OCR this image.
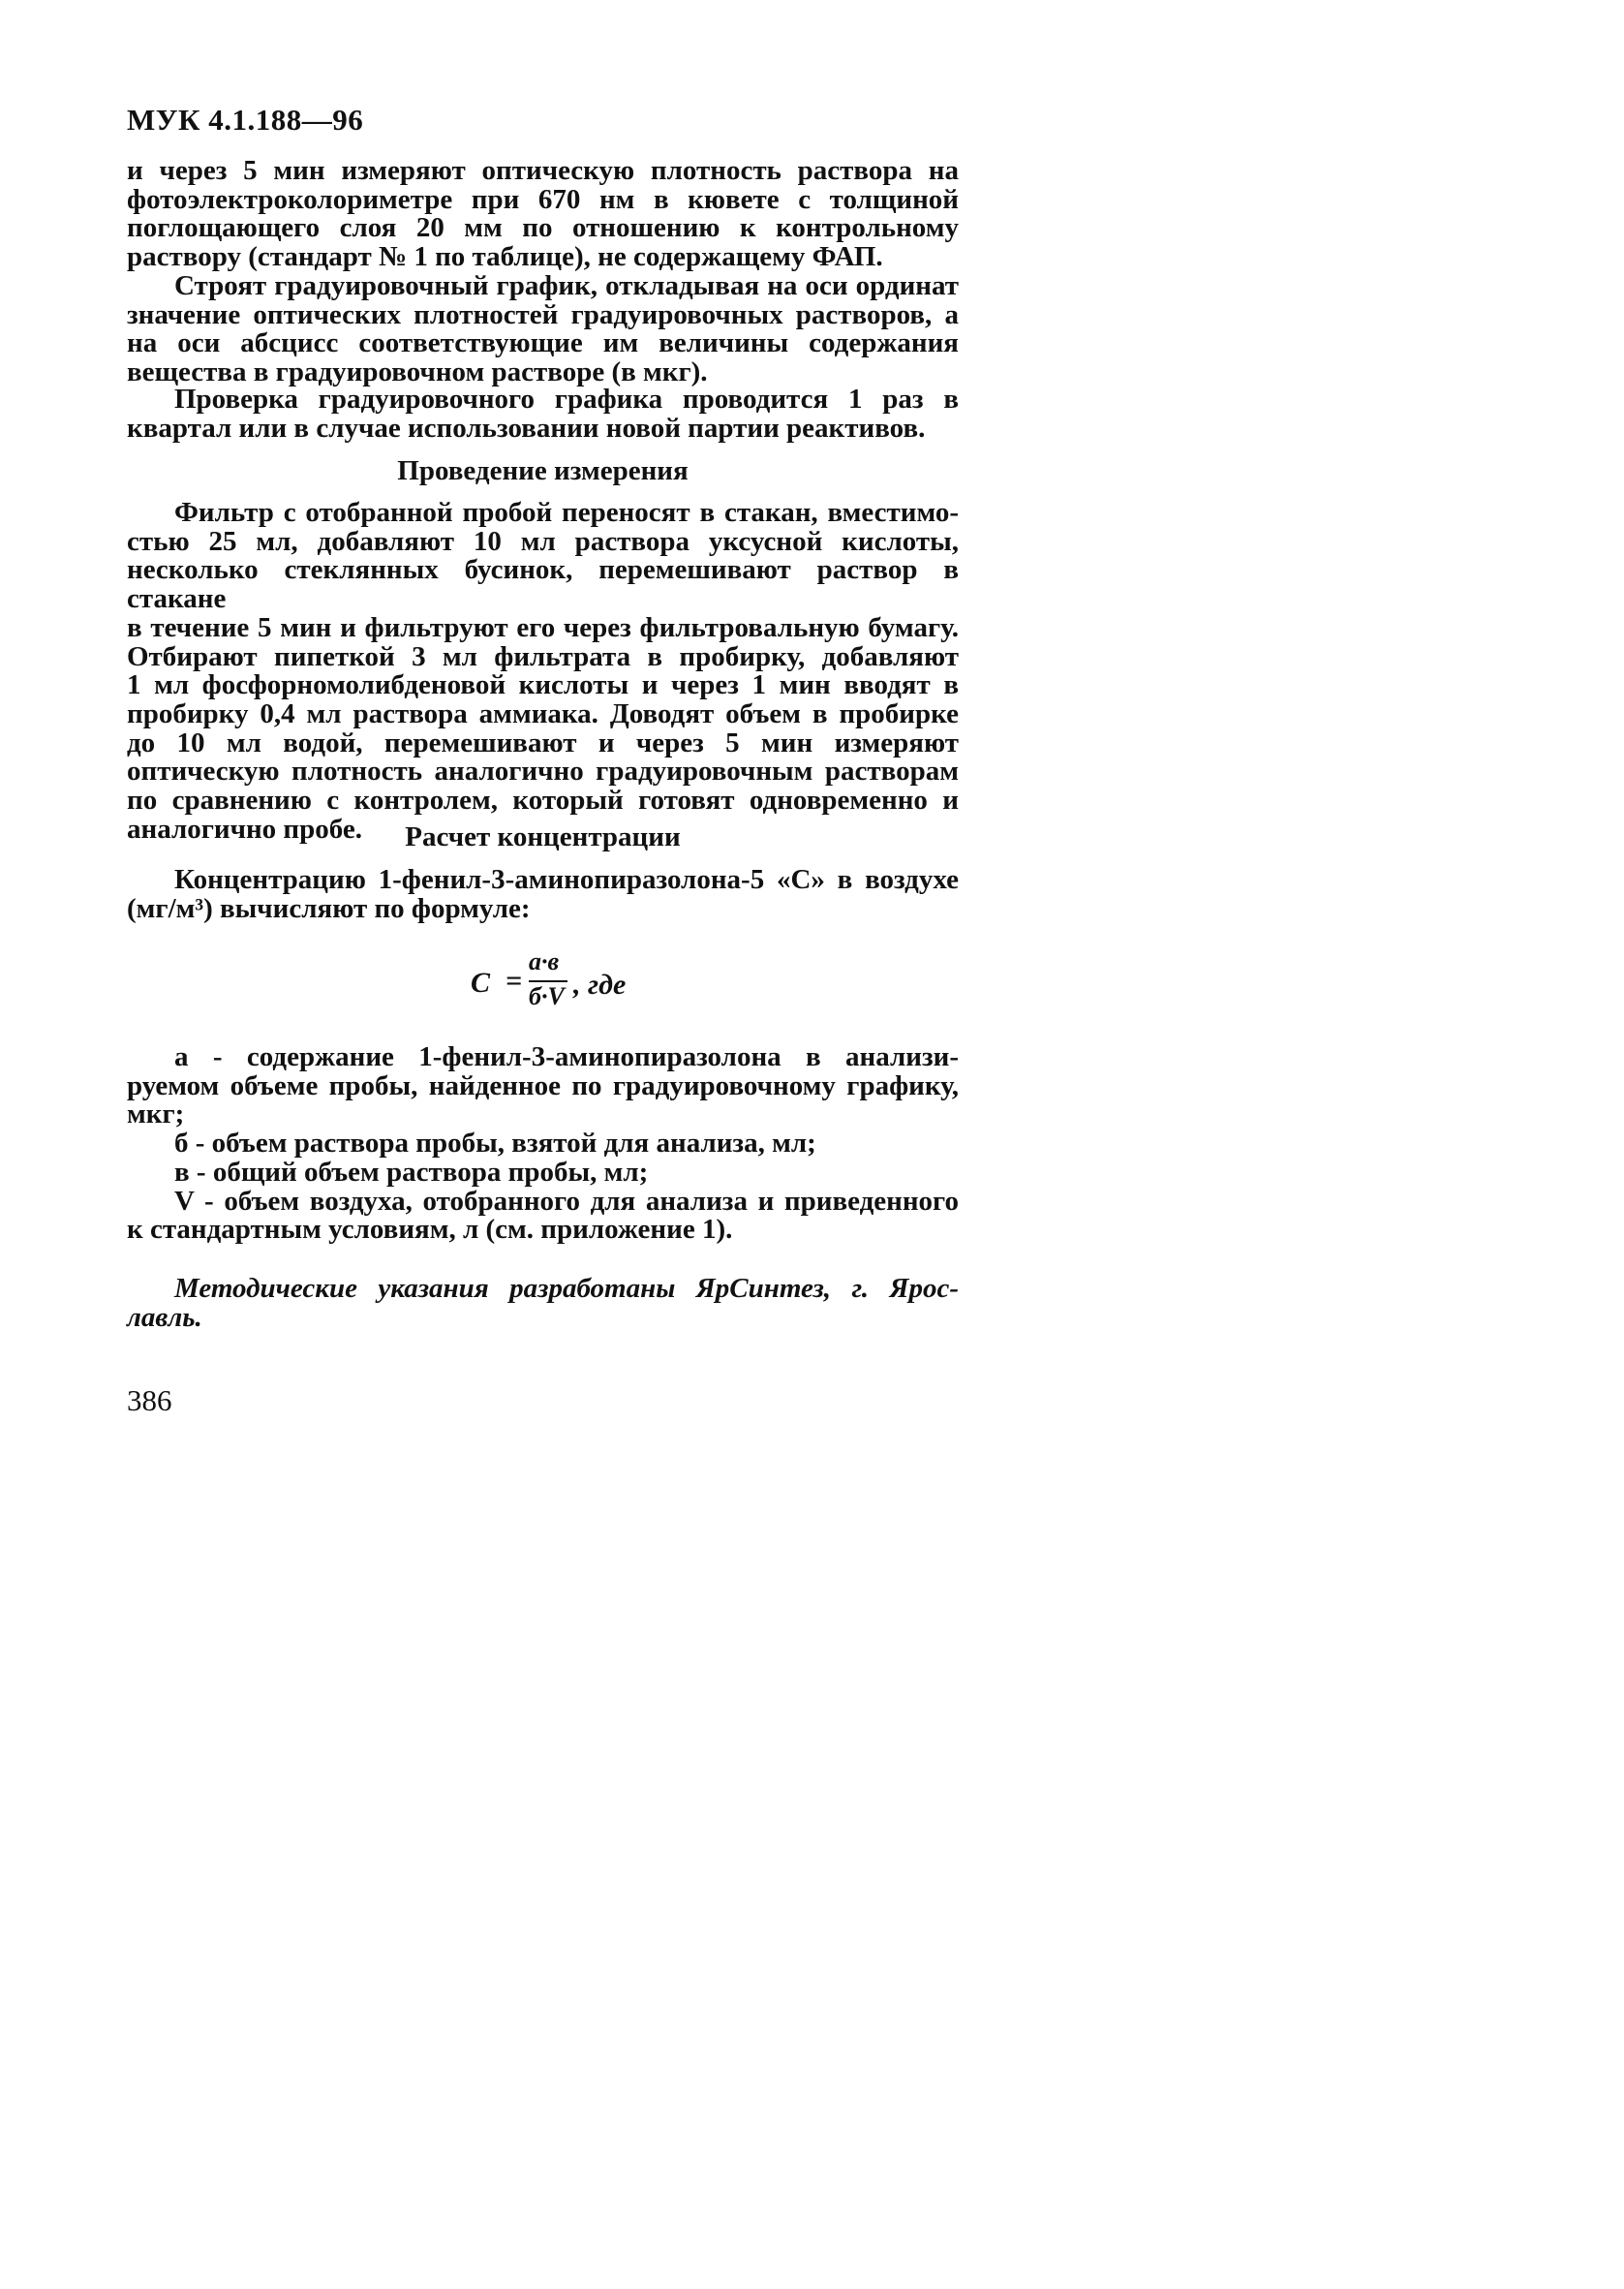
МУК 4.1.188—96
и через 5 мин измеряют оптическую плотность раствора на
фотоэлектроколориметре при 670 нм в кювете с толщиной
поглощающего слоя 20 мм по отношению к контрольному
раствору (стандарт № 1 по таблице), не содержащему ФАП.
Строят градуировочный график, откладывая на оси ординат
значение оптических плотностей градуировочных растворов, а
на оси абсцисс соответствующие им величины содержания
вещества в градуировочном растворе (в мкг).
Проверка градуировочного графика проводится 1 раз в
квартал или в случае использовании новой партии реактивов.
Проведение измерения
Фильтр с отобранной пробой переносят в стакан, вместимо-
стью 25 мл, добавляют 10 мл раствора уксусной кислоты,
несколько стеклянных бусинок, перемешивают раствор в стакане
в течение 5 мин и фильтруют его через фильтровальную бумагу.
Отбирают пипеткой 3 мл фильтрата в пробирку, добавляют
1 мл фосфорномолибденовой кислоты и через 1 мин вводят в
пробирку 0,4 мл раствора аммиака. Доводят объем в пробирке
до 10 мл водой, перемешивают и через 5 мин измеряют
оптическую плотность аналогично градуировочным растворам
по сравнению с контролем, который готовят одновременно и
аналогично пробе.	Расчет концентрации
Концентрацию 1-фенил-3-аминопиразолона-5 «С» в воздухе
(мг/м³) вычисляют по формуле:
C =
а·в
б·V , где
а - содержание 1-фенил-3-аминопиразолона в анализи-
руемом объеме пробы, найденное по градуировочному графику,
мкг;
б - объем раствора пробы, взятой для анализа, мл;
в - общий объем раствора пробы, мл;
V - объем воздуха, отобранного для анализа и приведенного
к стандартным условиям, л (см. приложение 1).
Методические указания разработаны ЯрСинтез, г. Ярос-
лавль.
386
